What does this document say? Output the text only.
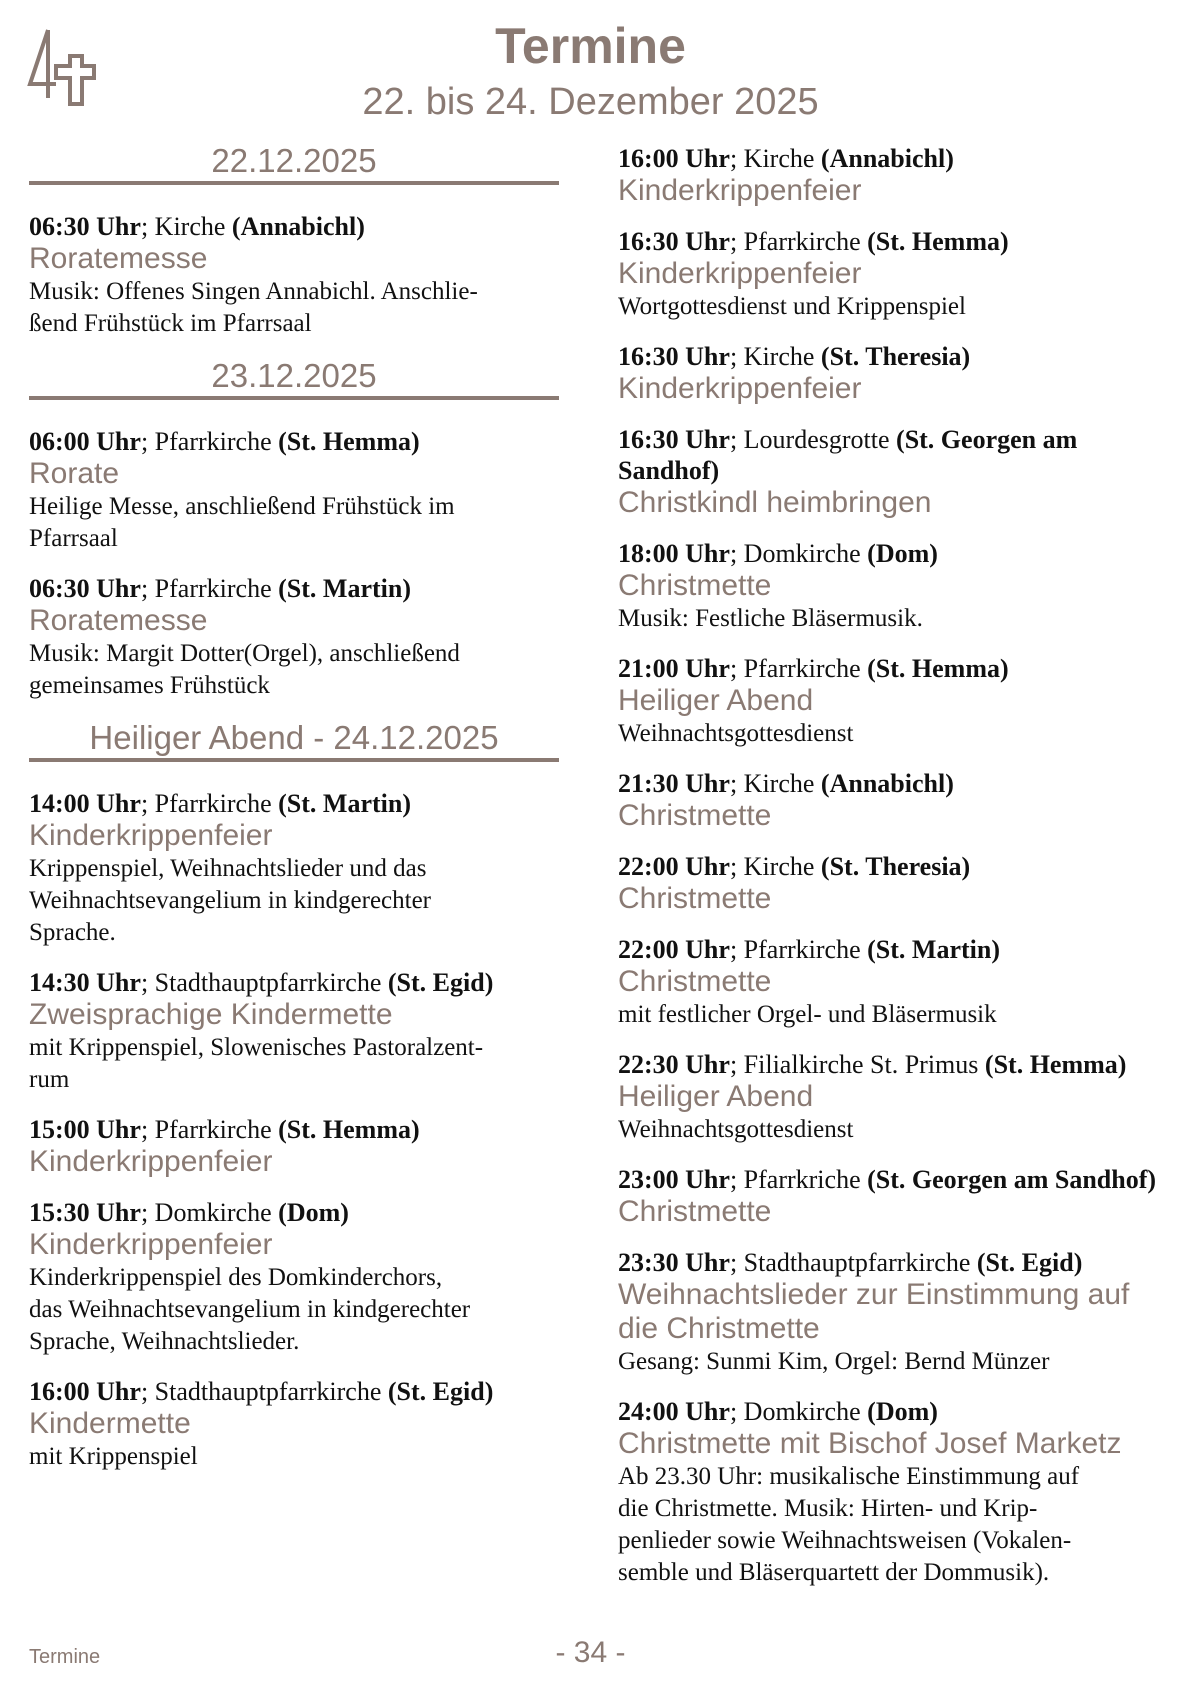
Termine
22. bis 24. Dezember 2025
22.12.2025
06:30 Uhr; Kirche (Annabichl)
Roratemesse
Musik: Offenes Singen Annabichl. Anschlie-
ßend Frühstück im Pfarrsaal
23.12.2025
06:00 Uhr; Pfarrkirche (St. Hemma)
Rorate
Heilige Messe, anschließend Frühstück im
Pfarrsaal
06:30 Uhr; Pfarrkirche (St. Martin)
Roratemesse
Musik: Margit Dotter(Orgel), anschließend
gemeinsames Frühstück
Heiliger Abend - 24.12.2025
14:00 Uhr; Pfarrkirche (St. Martin)
Kinderkrippenfeier
Krippenspiel, Weihnachtslieder und das
Weihnachtsevangelium in kindgerechter
Sprache.
14:30 Uhr; Stadthauptpfarrkirche (St. Egid)
Zweisprachige Kindermette
mit Krippenspiel, Slowenisches Pastoralzent-
rum
15:00 Uhr; Pfarrkirche (St. Hemma)
Kinderkrippenfeier
15:30 Uhr; Domkirche (Dom)
Kinderkrippenfeier
Kinderkrippenspiel des Domkinderchors,
das Weihnachtsevangelium in kindgerechter
Sprache, Weihnachtslieder.
16:00 Uhr; Stadthauptpfarrkirche (St. Egid)
Kindermette
mit Krippenspiel
16:00 Uhr; Kirche (Annabichl)
Kinderkrippenfeier
16:30 Uhr; Pfarrkirche (St. Hemma)
Kinderkrippenfeier
Wortgottesdienst und Krippenspiel
16:30 Uhr; Kirche (St. Theresia)
Kinderkrippenfeier
16:30 Uhr; Lourdesgrotte (St. Georgen am Sandhof)
Christkindl heimbringen
18:00 Uhr; Domkirche (Dom)
Christmette
Musik: Festliche Bläsermusik.
21:00 Uhr; Pfarrkirche (St. Hemma)
Heiliger Abend
Weihnachtsgottesdienst
21:30 Uhr; Kirche (Annabichl)
Christmette
22:00 Uhr; Kirche (St. Theresia)
Christmette
22:00 Uhr; Pfarrkirche (St. Martin)
Christmette
mit festlicher Orgel- und Bläsermusik
22:30 Uhr; Filialkirche St. Primus (St. Hemma)
Heiliger Abend
Weihnachtsgottesdienst
23:00 Uhr; Pfarrkriche (St. Georgen am Sandhof)
Christmette
23:30 Uhr; Stadthauptpfarrkirche (St. Egid)
Weihnachtslieder zur Einstimmung auf die Christmette
Gesang: Sunmi Kim, Orgel: Bernd Münzer
24:00 Uhr; Domkirche (Dom)
Christmette mit Bischof Josef Marketz
Ab 23.30 Uhr: musikalische Einstimmung auf
die Christmette. Musik: Hirten- und Krip-
penlieder sowie Weihnachtsweisen (Vokalen-
semble und Bläserquartett der Dommusik).
Termine	- 34 -
